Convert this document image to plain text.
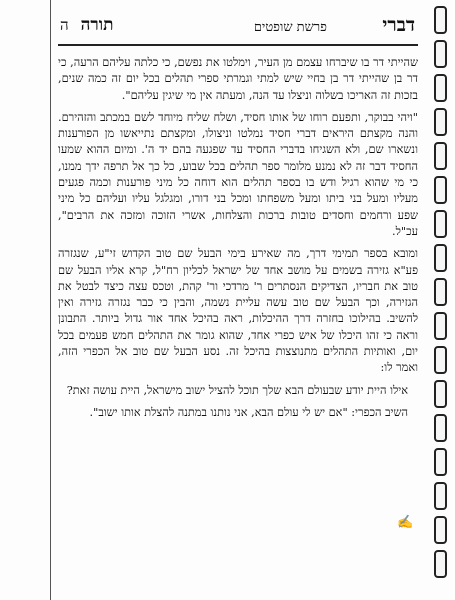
דברי
פרשת שופטים
תורהה

שהייתי דר בו שיברחו עצמם מן העיר, וימלטו את נפשם, כי כלתה עליהם הרעה, כי דר בן שהייתי דר בן בחיי שיש למתי וגמרתי ספרי תהלים בכל יום זה כמה שנים, בזכות זה האריכו בשלוה וניצלו עד הנה, ומעתה אין מי שיגין עליהם".

"ויהי בבוקר, ותפעם רוחו של אותו חסיד, ושלח שליח מיוחד לשם במכתב והזהירם. והנה מקצתם היראים דברי חסיד נמלטו וניצולו, ומקצתם נתייאשו מן הפורענות ונשארו שם, ולא השגיחו בדברי החסיד עד שפגעה בהם יד ה'. ומיום ההוא שמעו החסיד דבר זה לא נמנע מלומר ספר תהלים בכל שבוע, כל כך אל תרפה ידך ממנו, כי מי שהוא רגיל ודש בו בספר תהלים הוא דוחה כל מיני פורענות וכמה פגעים מעליו ומעל בני ביתו ומעל משפחתו ומכל בני דורו, ומגלגל עליו ועליהם כל מיני שפע ורחמים וחסדים טובות ברכות והצלחות, אשרי הזוכה ומזכה את הרבים", עכ"ל.

ומובא בספר תמימי דרך, מה שאירע בימי הבעל שם טוב הקדוש זי"ע, שנגזרה פע"א גזירה בשמים על מושב אחד של ישראל לכליון רח"ל, קרא אליו הבעל שם טוב את חבריו, הצדיקים הנסתרים ר' מרדכי ור' קהת, וטכס עצה כיצד לבטל את הגזירה, וכך הבעל שם טוב עשה עליית נשמה, והבין כי כבר נגזרה גזירה ואין להשיב. בהילוכו בחזרה דרך ההיכלות, ראה בהיכל אחד אור גדול ביותר. התבונן וראה כי זהו היכלו של איש כפרי אחד, שהוא גומר את התהלים חמש פעמים בכל יום, ואותיות התהלים מתנוצצות בהיכל זה. נסע הבעל שם טוב אל הכפרי הזה, ואמר לו:

אילו היית יודע שבעולם הבא שלך תוכל להציל ישוב מישראל, היית עושה זאת?

השיב הכפרי: "אם יש לי עולם הבא, אני נותנו במתנה להצלת אותו ישוב".

✍
